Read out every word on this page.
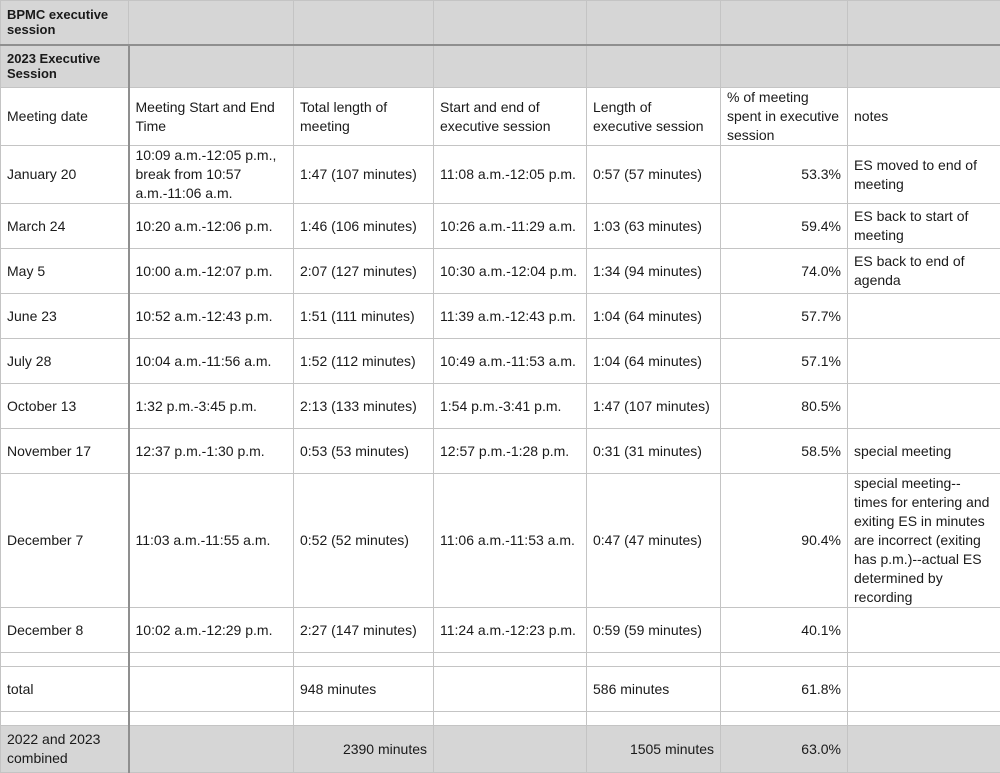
BPMC executive session						
2023 Executive Session						
Meeting date	Meeting Start and End Time	Total length of meeting	Start and end of executive session	Length of executive session	% of meeting spent in executive session	notes
January 20	10:09 a.m.-12:05 p.m., break from 10:57 a.m.-11:06 a.m.	1:47 (107 minutes)	11:08 a.m.-12:05 p.m.	0:57 (57 minutes)	53.3%	ES moved to end of meeting
March 24	10:20 a.m.-12:06 p.m.	1:46 (106 minutes)	10:26 a.m.-11:29 a.m.	1:03 (63 minutes)	59.4%	ES back to start of meeting
May 5	10:00 a.m.-12:07 p.m.	2:07 (127 minutes)	10:30 a.m.-12:04 p.m.	1:34 (94 minutes)	74.0%	ES back to end of agenda
June 23	10:52 a.m.-12:43 p.m.	1:51 (111 minutes)	11:39 a.m.-12:43 p.m.	1:04 (64 minutes)	57.7%	
July 28	10:04 a.m.-11:56 a.m.	1:52 (112 minutes)	10:49 a.m.-11:53 a.m.	1:04 (64 minutes)	57.1%	
October 13	1:32 p.m.-3:45 p.m.	2:13 (133 minutes)	1:54 p.m.-3:41 p.m.	1:47 (107 minutes)	80.5%	
November 17	12:37 p.m.-1:30 p.m.	0:53 (53 minutes)	12:57 p.m.-1:28 p.m.	0:31 (31 minutes)	58.5%	special meeting
December 7	11:03 a.m.-11:55 a.m.	0:52 (52 minutes)	11:06 a.m.-11:53 a.m.	0:47 (47 minutes)	90.4%	special meeting--times for entering and exiting ES in minutes are incorrect (exiting has p.m.)--actual ES determined by recording
December 8	10:02 a.m.-12:29 p.m.	2:27 (147 minutes)	11:24 a.m.-12:23 p.m.	0:59 (59 minutes)	40.1%	

total		948 minutes		586 minutes	61.8%	

2022 and 2023 combined		2390 minutes		1505 minutes	63.0%	
